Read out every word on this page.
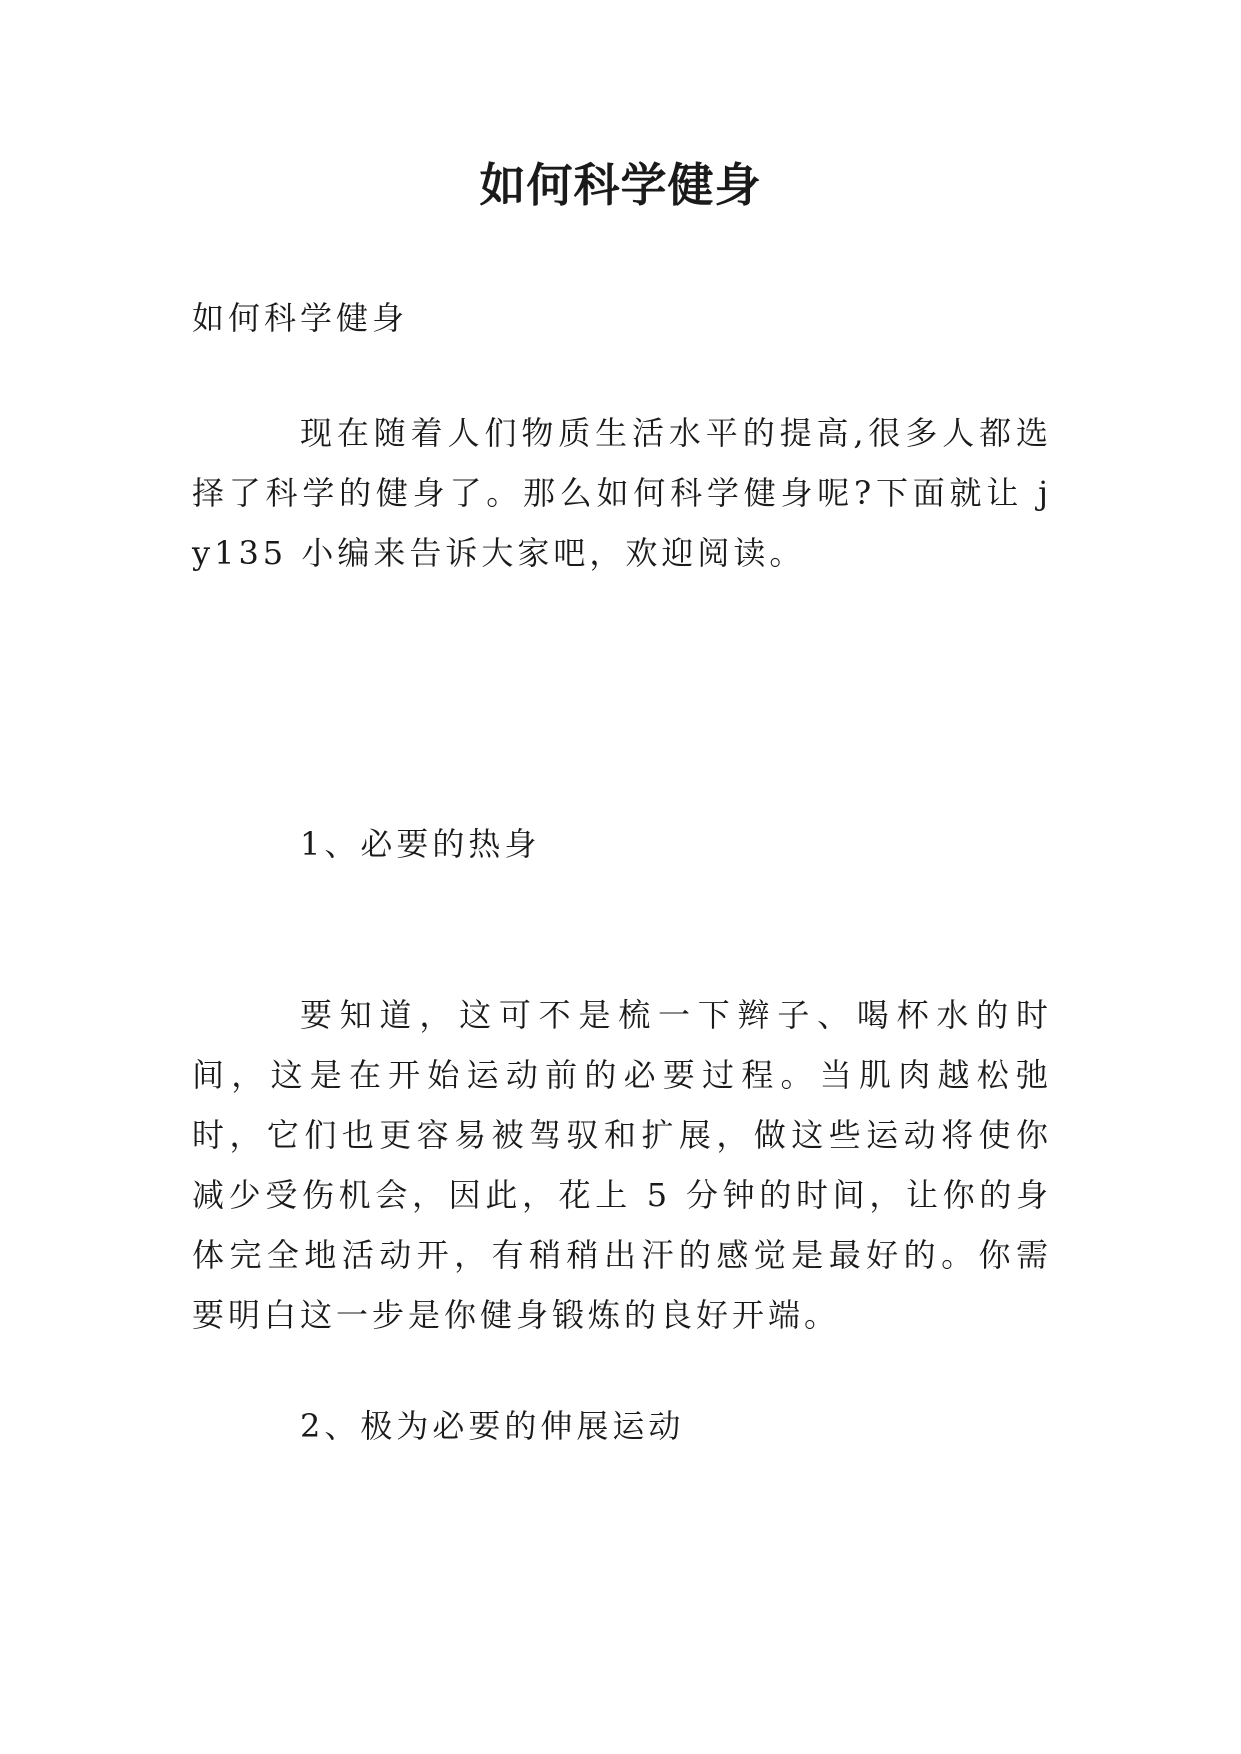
如何科学健身
如何科学健身
现在随着人们物质生活水平的提高,很多人都选择了科学的健身了。那么如何科学健身呢?下面就让 jy135 小编来告诉大家吧，欢迎阅读。
1、必要的热身
要知道，这可不是梳一下辫子、喝杯水的时间，这是在开始运动前的必要过程。当肌肉越松弛时，它们也更容易被驾驭和扩展，做这些运动将使你减少受伤机会，因此，花上 5 分钟的时间，让你的身体完全地活动开，有稍稍出汗的感觉是最好的。你需要明白这一步是你健身锻炼的良好开端。
2、极为必要的伸展运动
